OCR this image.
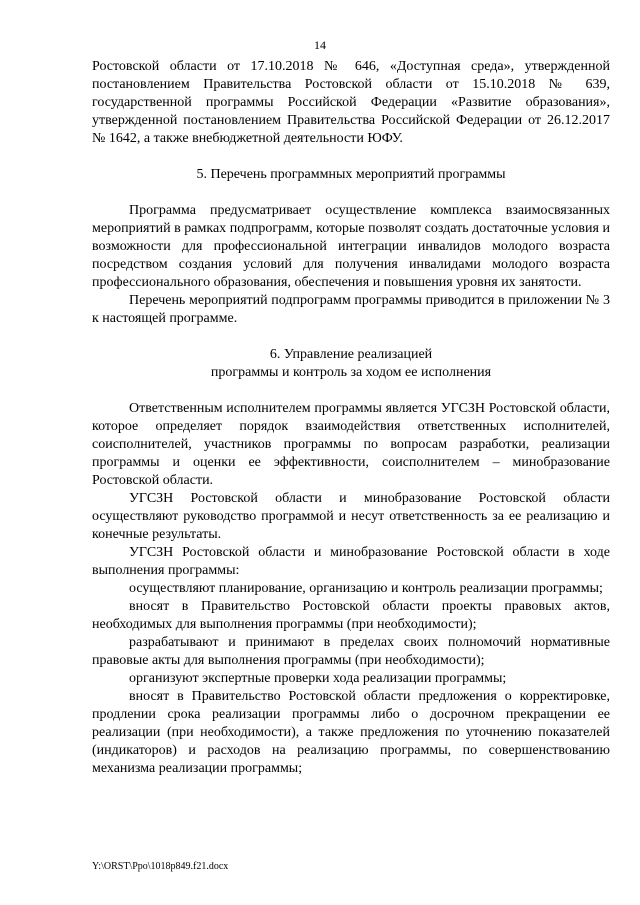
14

Ростовской области от 17.10.2018 № 646, «Доступная среда», утвержденной постановлением Правительства Ростовской области от 15.10.2018 № 639, государственной программы Российской Федерации «Развитие образования», утвержденной постановлением Правительства Российской Федерации от 26.12.2017 № 1642, а также внебюджетной деятельности ЮФУ.

5. Перечень программных мероприятий программы

Программа предусматривает осуществление комплекса взаимосвязанных мероприятий в рамках подпрограмм, которые позволят создать достаточные условия и возможности для профессиональной интеграции инвалидов молодого возраста посредством создания условий для получения инвалидами молодого возраста профессионального образования, обеспечения и повышения уровня их занятости.

Перечень мероприятий подпрограмм программы приводится в приложении № 3 к настоящей программе.

6. Управление реализацией
программы и контроль за ходом ее исполнения

Ответственным исполнителем программы является УГСЗН Ростовской области, которое определяет порядок взаимодействия ответственных исполнителей, соисполнителей, участников программы по вопросам разработки, реализации программы и оценки ее эффективности, соисполнителем – минобразование Ростовской области.

УГСЗН Ростовской области и минобразование Ростовской области осуществляют руководство программой и несут ответственность за ее реализацию и конечные результаты.

УГСЗН Ростовской области и минобразование Ростовской области в ходе выполнения программы:

осуществляют планирование, организацию и контроль реализации программы;

вносят в Правительство Ростовской области проекты правовых актов, необходимых для выполнения программы (при необходимости);

разрабатывают и принимают в пределах своих полномочий нормативные правовые акты для выполнения программы (при необходимости);

организуют экспертные проверки хода реализации программы;

вносят в Правительство Ростовской области предложения о корректировке, продлении срока реализации программы либо о досрочном прекращении ее реализации (при необходимости), а также предложения по уточнению показателей (индикаторов) и расходов на реализацию программы, по совершенствованию механизма реализации программы;

Y:\ORST\Ppo\1018p849.f21.docx
